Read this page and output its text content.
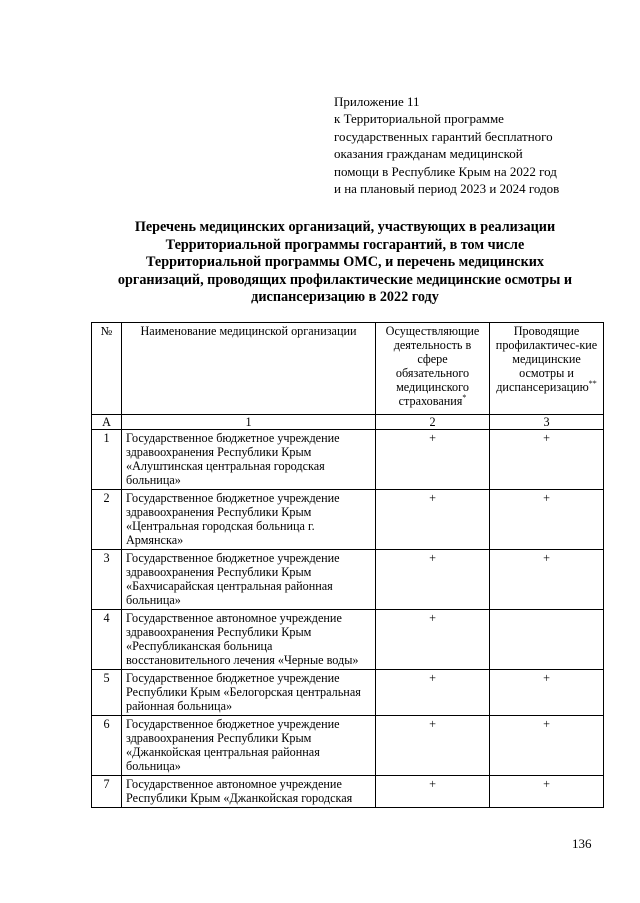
Приложение 11
к Территориальной программе
государственных гарантий бесплатного
оказания гражданам медицинской
помощи в Республике Крым на 2022 год
и на плановый период 2023 и 2024 годов
Перечень медицинских организаций, участвующих в реализации
Территориальной программы госгарантий, в том числе
Территориальной программы ОМС, и перечень медицинских
организаций, проводящих профилактические медицинские осмотры и
диспансеризацию в 2022 году
№	Наименование медицинской организации	Осуществляющие деятельность в сфере обязательного медицинского страхования*	Проводящие профилактичес-кие медицинские осмотры и диспансеризацию**
А	1	2	3
1	Государственное бюджетное учреждение здравоохранения Республики Крым «Алуштинская центральная городская больница»	+	+
2	Государственное бюджетное учреждение здравоохранения Республики Крым «Центральная городская больница г. Армянска»	+	+
3	Государственное бюджетное учреждение здравоохранения Республики Крым «Бахчисарайская центральная районная больница»	+	+
4	Государственное автономное учреждение здравоохранения Республики Крым «Республиканская больница восстановительного лечения «Черные воды»	+	
5	Государственное бюджетное учреждение Республики Крым «Белогорская центральная районная больница»	+	+
6	Государственное бюджетное учреждение здравоохранения Республики Крым «Джанкойская центральная районная больница»	+	+
7	Государственное автономное учреждение Республики Крым «Джанкойская городская	+	+
136
